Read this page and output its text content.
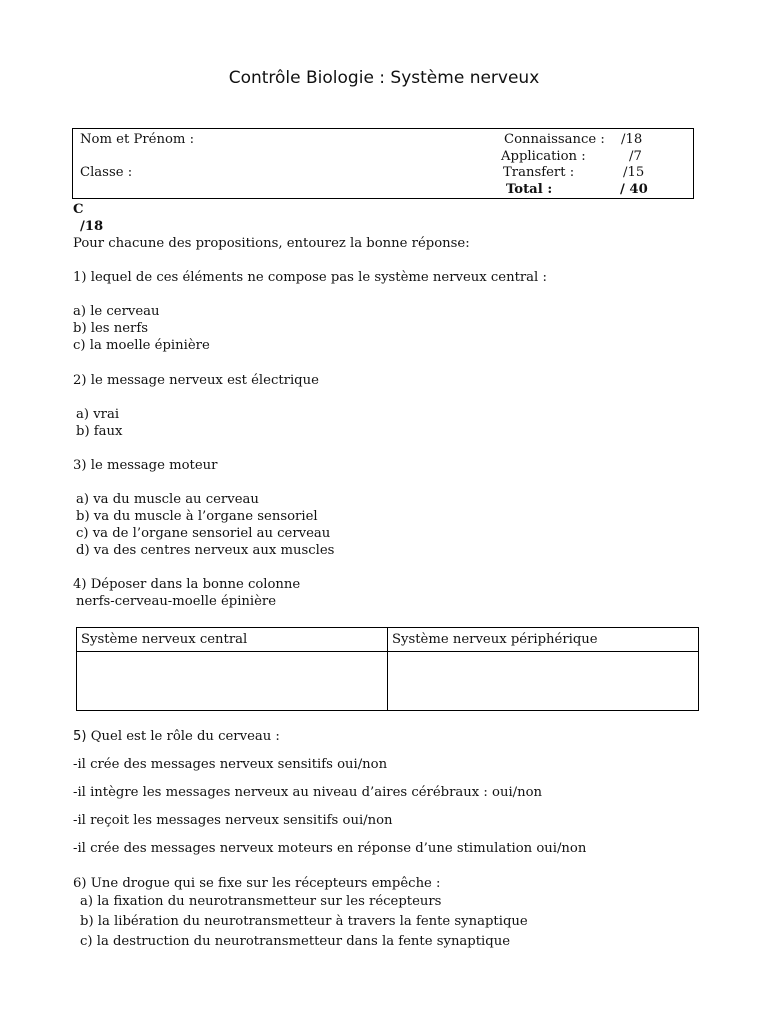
Contrôle Biologie : Système nerveux
Nom et Prénom :
Classe :
Connaissance : /18
Application :	/7
Transfert :	/15
Total :	/ 40
C
/18
Pour chacune des propositions, entourez la bonne réponse:
1) lequel de ces éléments ne compose pas le système nerveux central :
a) le cerveau
b) les nerfs
c) la moelle épinière
2) le message nerveux est électrique
a) vrai
b) faux
3) le message moteur
a) va du muscle au cerveau
b) va du muscle à l’organe sensoriel
c) va de l’organe sensoriel au cerveau
d) va des centres nerveux aux muscles
4) Déposer dans la bonne colonne
nerfs-cerveau-moelle épinière
Système nerveux central	Système nerveux périphérique

5) Quel est le rôle du cerveau :
-il crée des messages nerveux sensitifs oui/non
-il intègre les messages nerveux au niveau d’aires cérébraux : oui/non
-il reçoit les messages nerveux sensitifs oui/non
-il crée des messages nerveux moteurs en réponse d’une stimulation oui/non
6) Une drogue qui se fixe sur les récepteurs empêche :
a) la fixation du neurotransmetteur sur les récepteurs
b) la libération du neurotransmetteur à travers la fente synaptique
c) la destruction du neurotransmetteur dans la fente synaptique
